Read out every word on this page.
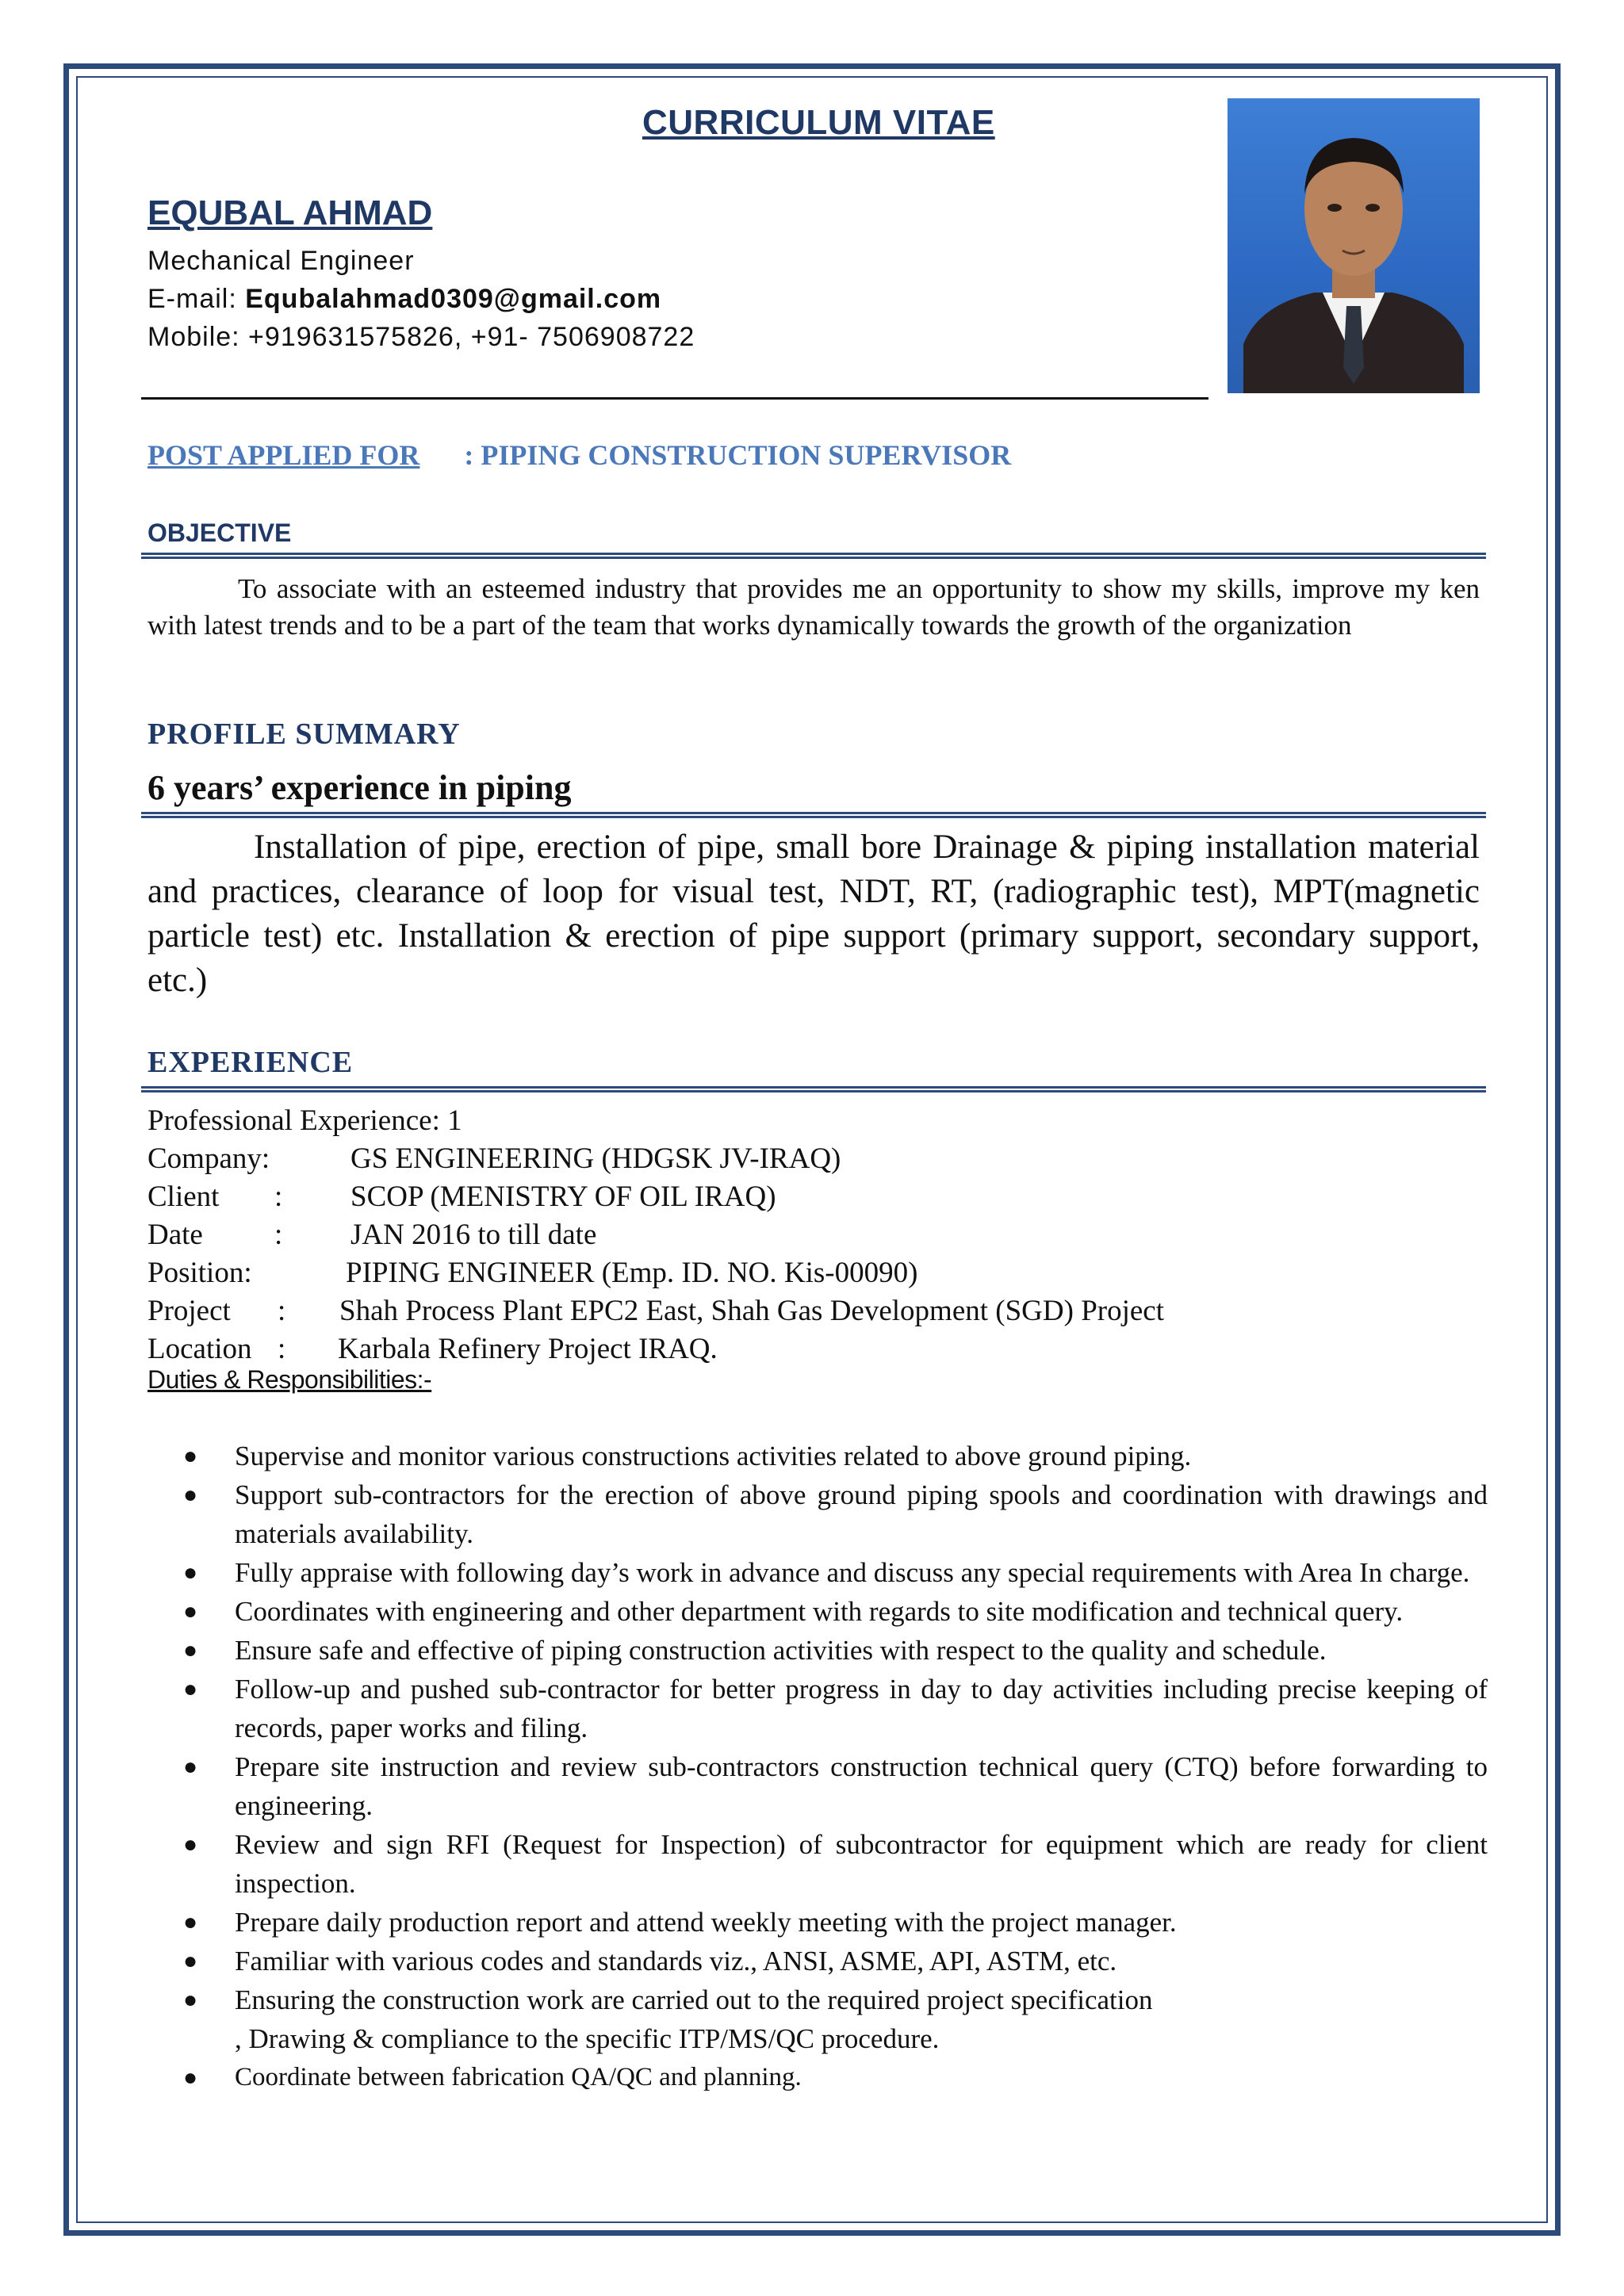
CURRICULUM VITAE
EQUBAL AHMAD
Mechanical Engineer
E-mail: Equbalahmad0309@gmail.com
Mobile: +919631575826, +91- 7506908722
POST APPLIED FOR : PIPING CONSTRUCTION SUPERVISOR
OBJECTIVE
To associate with an esteemed industry that provides me an opportunity to show my skills, improve my ken with latest trends and to be a part of the team that works dynamically towards the growth of the organization
PROFILE SUMMARY
6 years’ experience in piping
Installation of pipe, erection of pipe, small bore Drainage & piping installation material and practices, clearance of loop for visual test, NDT, RT, (radiographic test), MPT(magnetic particle test) etc. Installation & erection of pipe support (primary support, secondary support, etc.)
EXPERIENCE
Professional Experience: 1
Company:	GS ENGINEERING (HDGSK JV-IRAQ)
Client : SCOP (MENISTRY OF OIL IRAQ)
Date : JAN 2016 to till date
Position:	PIPING ENGINEER (Emp. ID. NO. Kis-00090)
Project : Shah Process Plant EPC2 East, Shah Gas Development (SGD) Project
Location : Karbala Refinery Project IRAQ.
Duties & Responsibilities:-
● Supervise and monitor various constructions activities related to above ground piping.
● Support sub-contractors for the erection of above ground piping spools and coordination with drawings and materials availability.
● Fully appraise with following day’s work in advance and discuss any special requirements with Area In charge.
● Coordinates with engineering and other department with regards to site modification and technical query.
● Ensure safe and effective of piping construction activities with respect to the quality and schedule.
● Follow-up and pushed sub-contractor for better progress in day to day activities including precise keeping of records, paper works and filing.
● Prepare site instruction and review sub-contractors construction technical query (CTQ) before forwarding to engineering.
● Review and sign RFI (Request for Inspection) of subcontractor for equipment which are ready for client inspection.
● Prepare daily production report and attend weekly meeting with the project manager.
● Familiar with various codes and standards viz., ANSI, ASME, API, ASTM, etc.
● Ensuring the construction work are carried out to the required project specification , Drawing & compliance to the specific ITP/MS/QC procedure.
● Coordinate between fabrication QA/QC and planning.
